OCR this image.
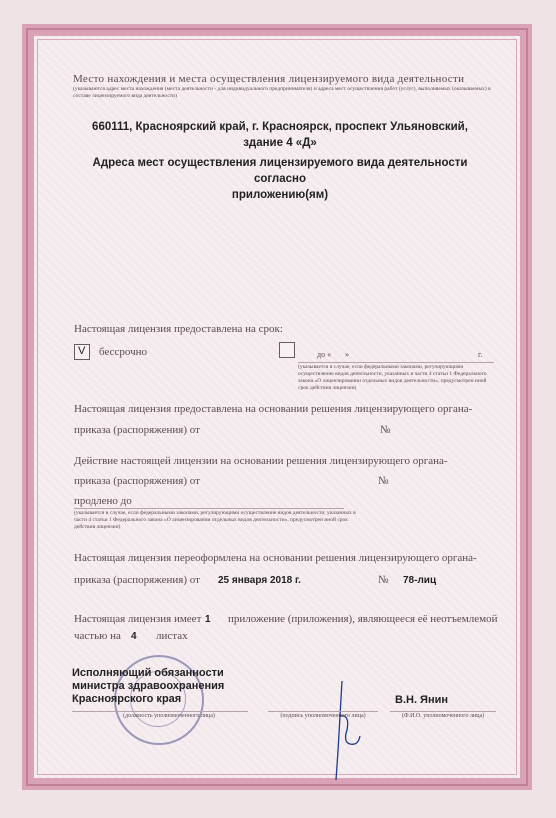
Место нахождения и места осуществления лицензируемого вида деятельности
(указываются адрес места нахождения (места деятельности - для индивидуального предпринимателя) и адреса мест осуществления работ (услуг), выполняемых (оказываемых) в составе лицензируемого вида деятельности)
660111, Красноярский край, г. Красноярск, проспект Ульяновский,
здание 4 «Д»
Адреса мест осуществления лицензируемого вида деятельности согласно
приложению(ям)
Настоящая лицензия предоставлена на срок:
V бессрочно	до « »	г.
(указывается в случае, если федеральными законами, регулирующими осуществление видов деятельности, указанных в части 4 статьи 1 Федерального закона «О лицензировании отдельных видов деятельности», предусмотрен иной срок действия лицензии)
Настоящая лицензия предоставлена на основании решения лицензирующего органа-
приказа (распоряжения) от	№
Действие настоящей лицензии на основании решения лицензирующего органа-
приказа (распоряжения) от	№
продлено до
(указывается в случае, если федеральными законами, регулирующими осуществление видов деятельности, указанных в части 4 статьи 1 Федерального закона «О лицензировании отдельных видов деятельности», предусмотрен иной срок действия лицензии)
Настоящая лицензия переоформлена на основании решения лицензирующего органа-
приказа (распоряжения) от 25 января 2018 г.	№ 78-лиц
Настоящая лицензия имеет 1 приложение (приложения), являющееся её неотъемлемой
частью на 4 листах
Исполняющий обязанности
министра здравоохранения
Красноярского края
(должность уполномоченного лица)	(подпись уполномоченного лица)
В.Н. Янин
(Ф.И.О. уполномоченного лица)
